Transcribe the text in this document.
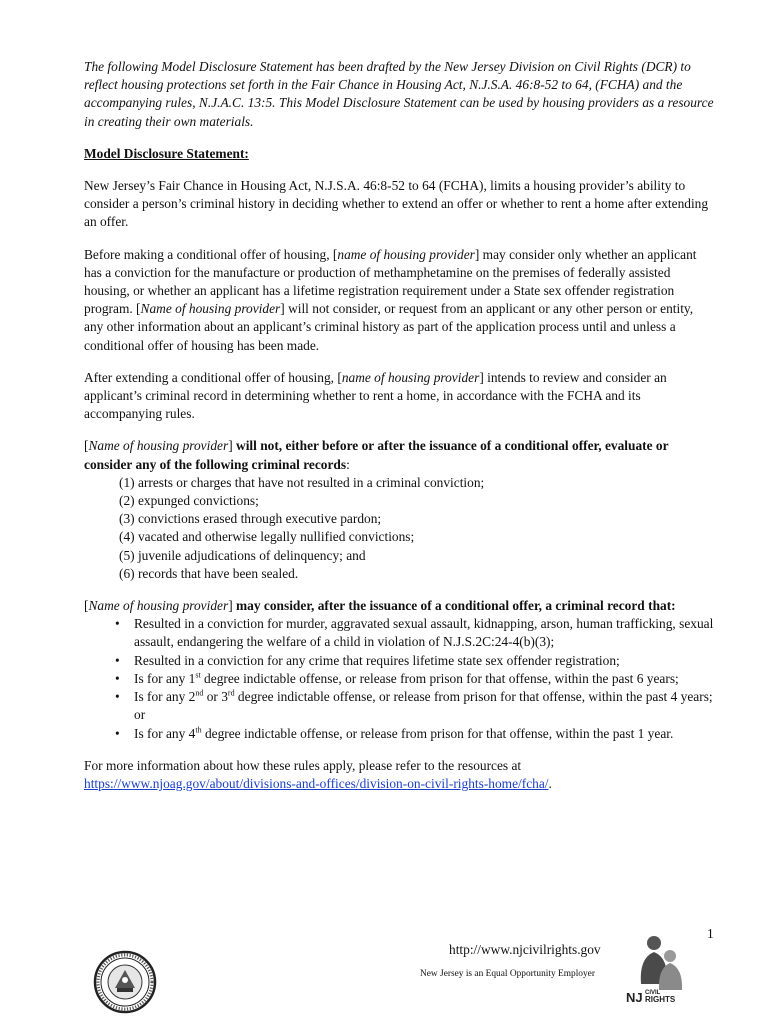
The following Model Disclosure Statement has been drafted by the New Jersey Division on Civil Rights (DCR) to reflect housing protections set forth in the Fair Chance in Housing Act, N.J.S.A. 46:8-52 to 64, (FCHA) and the accompanying rules, N.J.A.C. 13:5. This Model Disclosure Statement can be used by housing providers as a resource in creating their own materials.

Model Disclosure Statement:

New Jersey’s Fair Chance in Housing Act, N.J.S.A. 46:8-52 to 64 (FCHA), limits a housing provider’s ability to consider a person’s criminal history in deciding whether to extend an offer or whether to rent a home after extending an offer.

Before making a conditional offer of housing, [name of housing provider] may consider only whether an applicant has a conviction for the manufacture or production of methamphetamine on the premises of federally assisted housing, or whether an applicant has a lifetime registration requirement under a State sex offender registration program. [Name of housing provider] will not consider, or request from an applicant or any other person or entity, any other information about an applicant’s criminal history as part of the application process until and unless a conditional offer of housing has been made.

After extending a conditional offer of housing, [name of housing provider] intends to review and consider an applicant’s criminal record in determining whether to rent a home, in accordance with the FCHA and its accompanying rules.

[Name of housing provider] will not, either before or after the issuance of a conditional offer, evaluate or consider any of the following criminal records:

(1) arrests or charges that have not resulted in a criminal conviction;
(2) expunged convictions;
(3) convictions erased through executive pardon;
(4) vacated and otherwise legally nullified convictions;
(5) juvenile adjudications of delinquency; and
(6) records that have been sealed.

[Name of housing provider] may consider, after the issuance of a conditional offer, a criminal record that:

• Resulted in a conviction for murder, aggravated sexual assault, kidnapping, arson, human trafficking, sexual assault, endangering the welfare of a child in violation of N.J.S.2C:24-4(b)(3);
• Resulted in a conviction for any crime that requires lifetime state sex offender registration;
• Is for any 1st degree indictable offense, or release from prison for that offense, within the past 6 years;
• Is for any 2nd or 3rd degree indictable offense, or release from prison for that offense, within the past 4 years; or
• Is for any 4th degree indictable offense, or release from prison for that offense, within the past 1 year.

For more information about how these rules apply, please refer to the resources at https://www.njoag.gov/about/divisions-and-offices/division-on-civil-rights-home/fcha/.

1
http://www.njcivilrights.gov
New Jersey is an Equal Opportunity Employer
NJ CIVIL
RIGHTS
